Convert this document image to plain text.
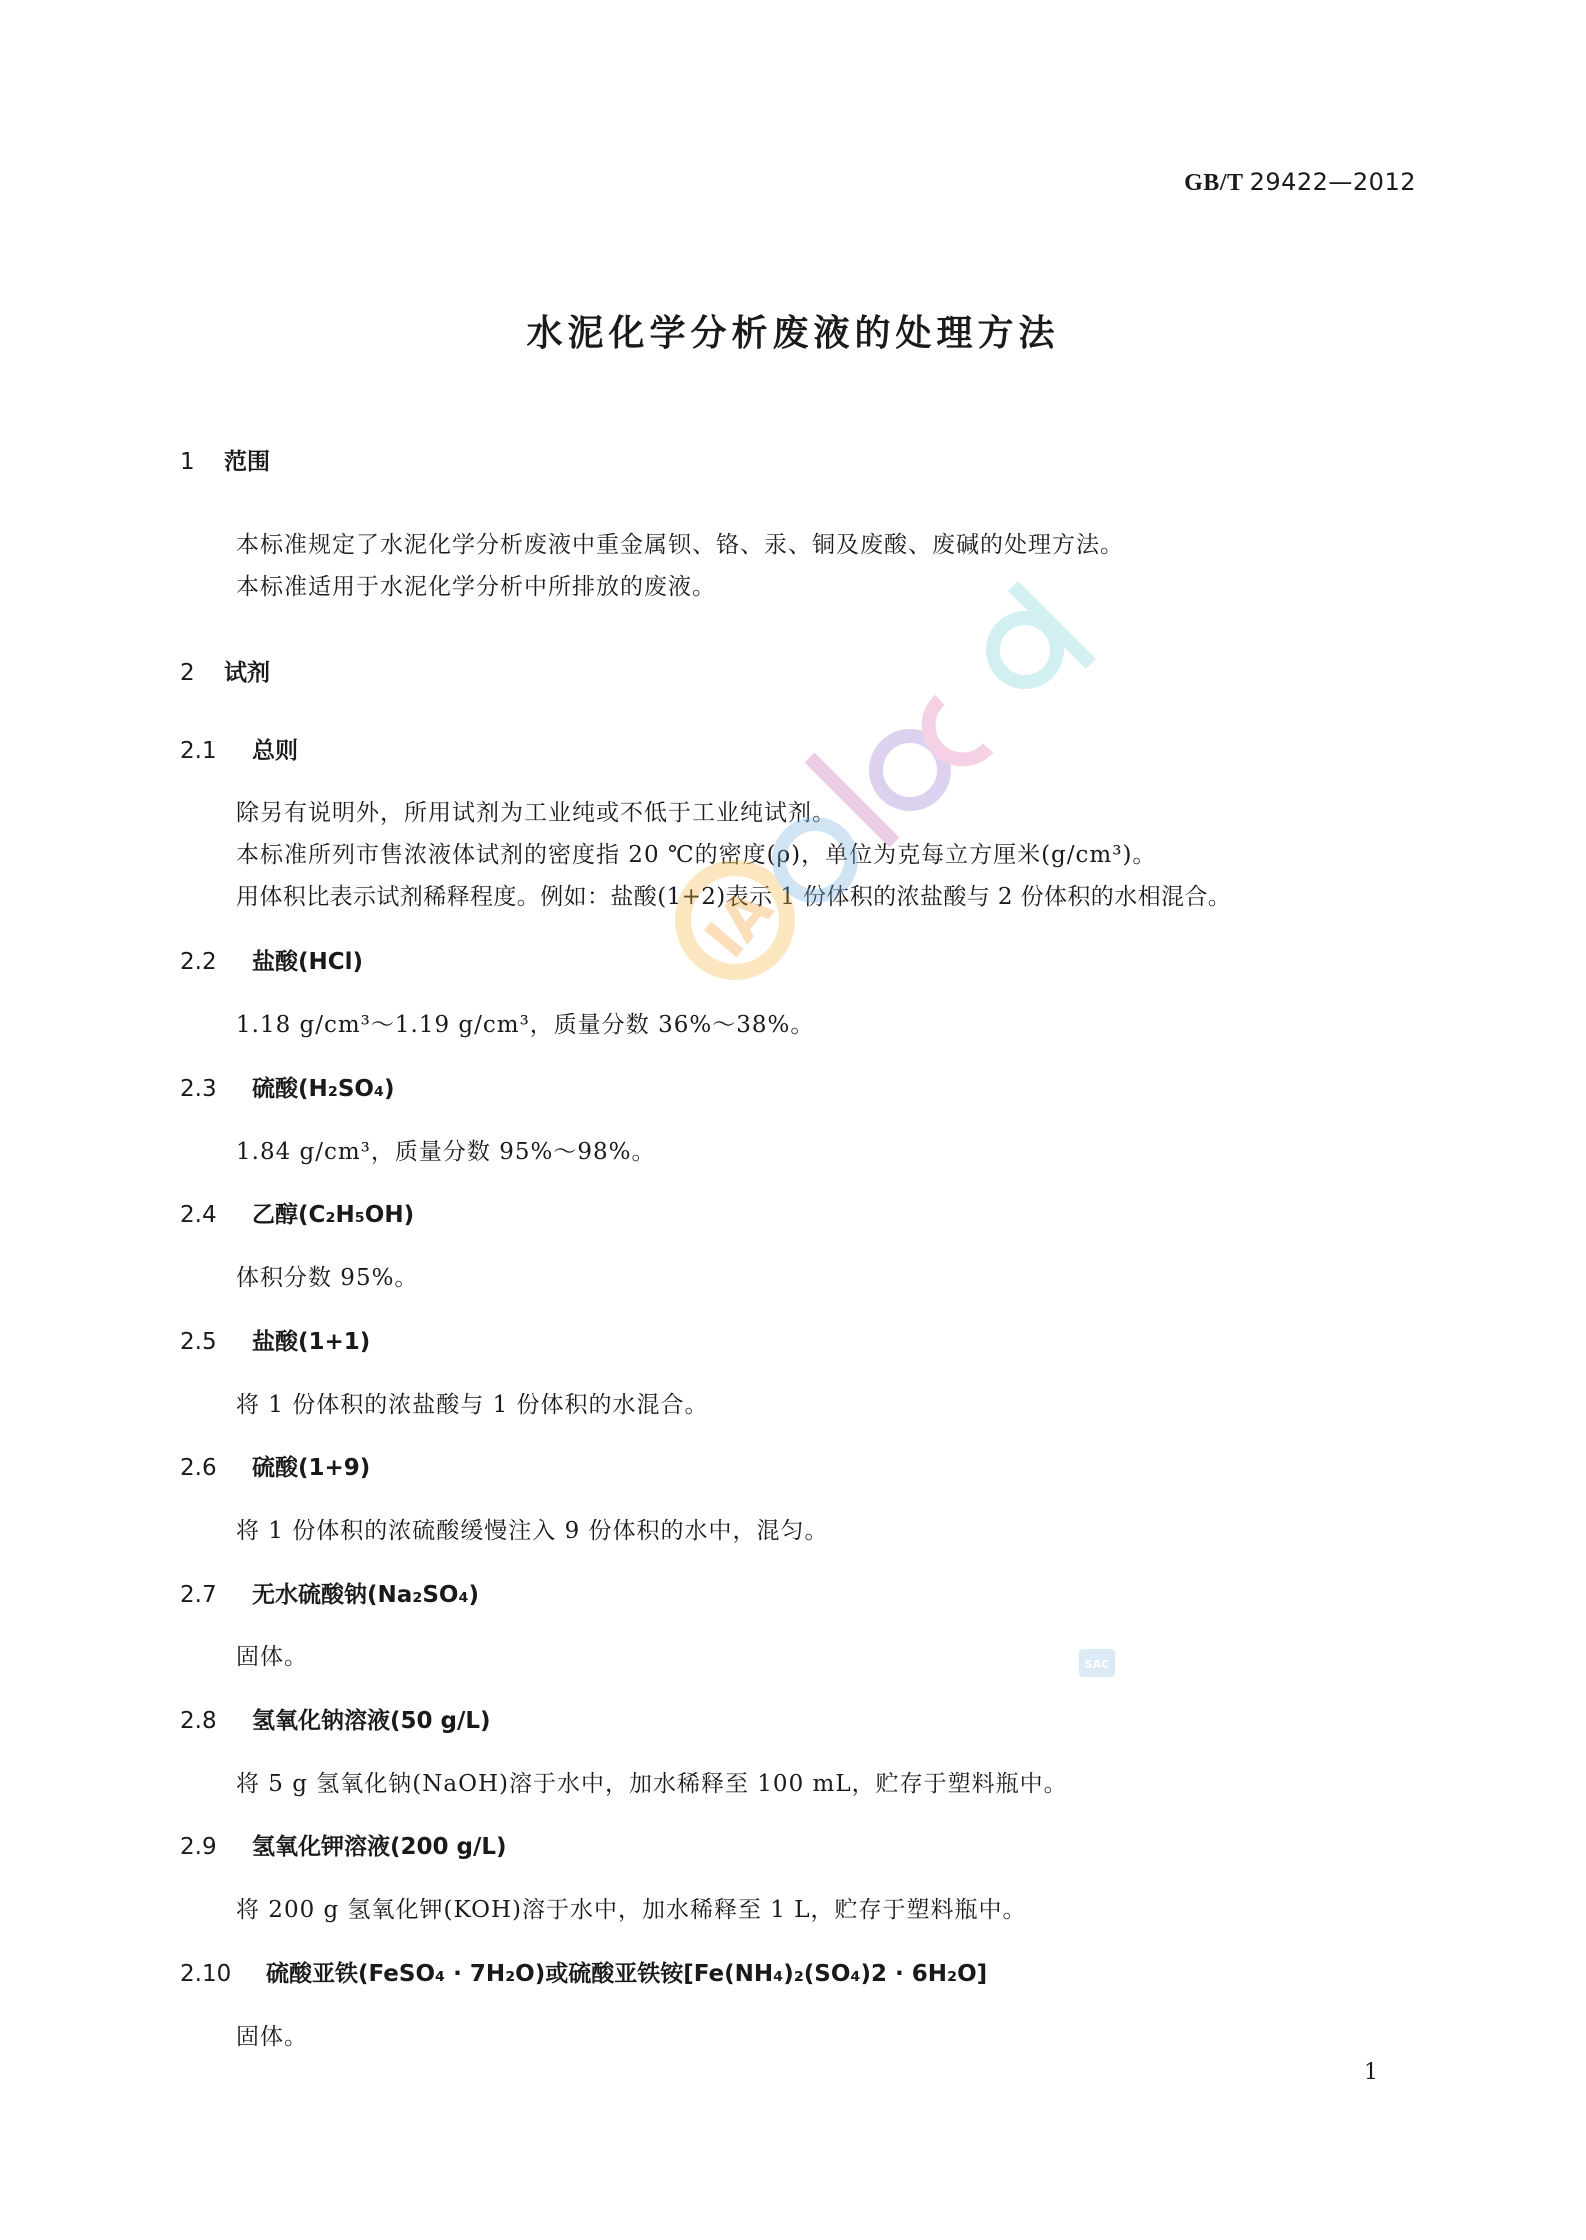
GB/T 29422—2012
水泥化学分析废液的处理方法
1 范围
本标准规定了水泥化学分析废液中重金属钡、铬、汞、铜及废酸、废碱的处理方法。
本标准适用于水泥化学分析中所排放的废液。
2 试剂
2.1 总则
除另有说明外，所用试剂为工业纯或不低于工业纯试剂。
本标准所列市售浓液体试剂的密度指 20 ℃的密度(ρ)，单位为克每立方厘米(g/cm³)。
用体积比表示试剂稀释程度。例如：盐酸(1+2)表示 1 份体积的浓盐酸与 2 份体积的水相混合。
2.2 盐酸(HCl)
1.18 g/cm³～1.19 g/cm³，质量分数 36%～38%。
2.3 硫酸(H₂SO₄)
1.84 g/cm³，质量分数 95%～98%。
2.4 乙醇(C₂H₅OH)
体积分数 95%。
2.5 盐酸(1+1)
将 1 份体积的浓盐酸与 1 份体积的水混合。
2.6 硫酸(1+9)
将 1 份体积的浓硫酸缓慢注入 9 份体积的水中，混匀。
2.7 无水硫酸钠(Na₂SO₄)
固体。
2.8 氢氧化钠溶液(50 g/L)
将 5 g 氢氧化钠(NaOH)溶于水中，加水稀释至 100 mL，贮存于塑料瓶中。
2.9 氢氧化钾溶液(200 g/L)
将 200 g 氢氧化钾(KOH)溶于水中，加水稀释至 1 L，贮存于塑料瓶中。
2.10 硫酸亚铁(FeSO₄ · 7H₂O)或硫酸亚铁铵[Fe(NH₄)₂(SO₄)2 · 6H₂O]
固体。
1
IA
SAC
